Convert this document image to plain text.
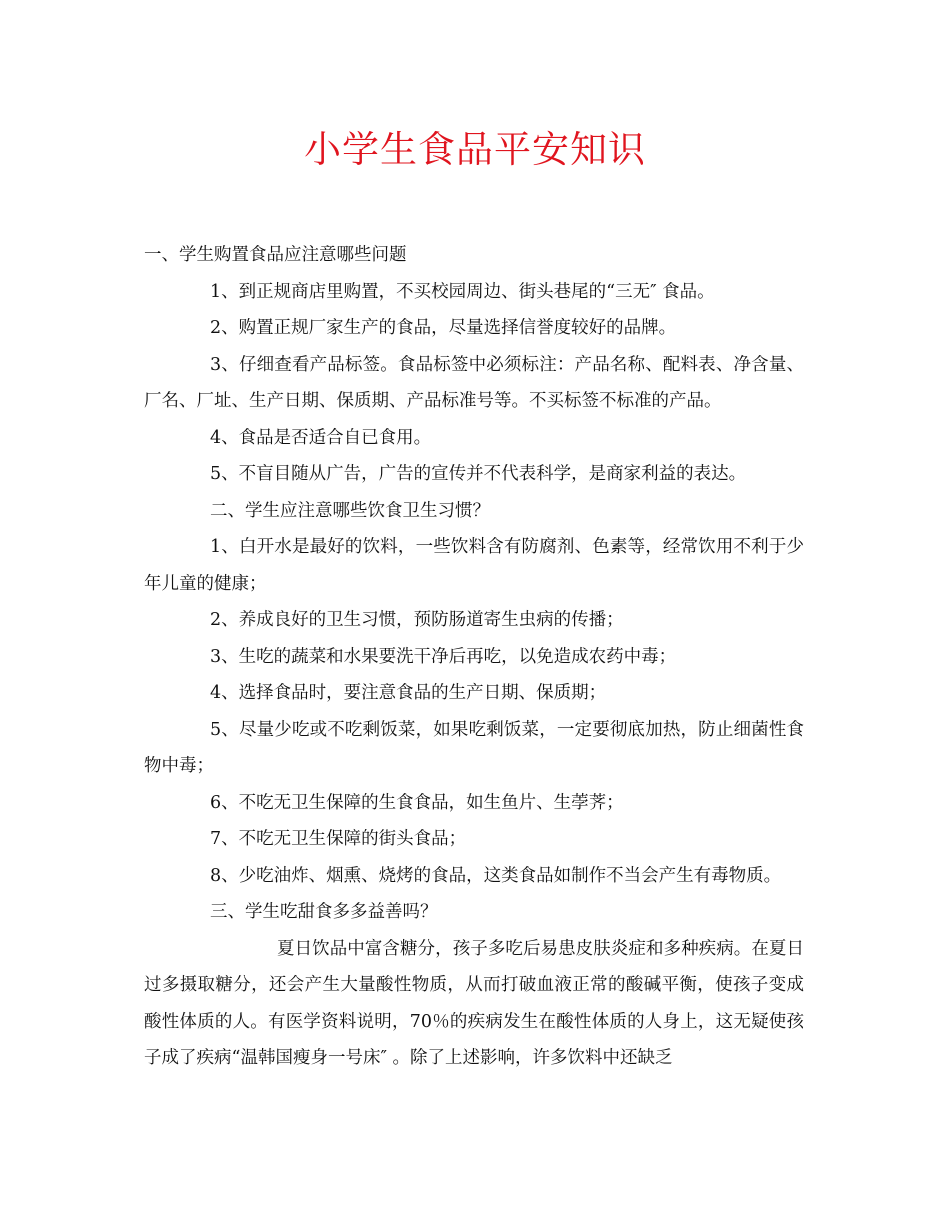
小学生食品平安知识

一、学生购置食品应注意哪些问题

1、到正规商店里购置，不买校园周边、街头巷尾的“三无″ 食品。

2、购置正规厂家生产的食品，尽量选择信誉度较好的品牌。

3、仔细查看产品标签。食品标签中必须标注：产品名称、配料表、净含量、厂名、厂址、生产日期、保质期、产品标准号等。不买标签不标准的产品。

4、食品是否适合自已食用。

5、不盲目随从广告，广告的宣传并不代表科学，是商家利益的表达。

二、学生应注意哪些饮食卫生习惯？

1、白开水是最好的饮料，一些饮料含有防腐剂、色素等，经常饮用不利于少年儿童的健康；

2、养成良好的卫生习惯，预防肠道寄生虫病的传播；

3、生吃的蔬菜和水果要洗干净后再吃，以免造成农药中毒；

4、选择食品时，要注意食品的生产日期、保质期；

5、尽量少吃或不吃剩饭菜，如果吃剩饭菜，一定要彻底加热，防止细菌性食物中毒；

6、不吃无卫生保障的生食食品，如生鱼片、生荸荠；

7、不吃无卫生保障的街头食品；

8、少吃油炸、烟熏、烧烤的食品，这类食品如制作不当会产生有毒物质。

三、学生吃甜食多多益善吗？

夏日饮品中富含糖分，孩子多吃后易患皮肤炎症和多种疾病。在夏日过多摄取糖分，还会产生大量酸性物质，从而打破血液正常的酸碱平衡，使孩子变成酸性体质的人。有医学资料说明，70％的疾病发生在酸性体质的人身上，这无疑使孩子成了疾病“温韩国瘦身一号床″ 。除了上述影响，许多饮料中还缺乏
